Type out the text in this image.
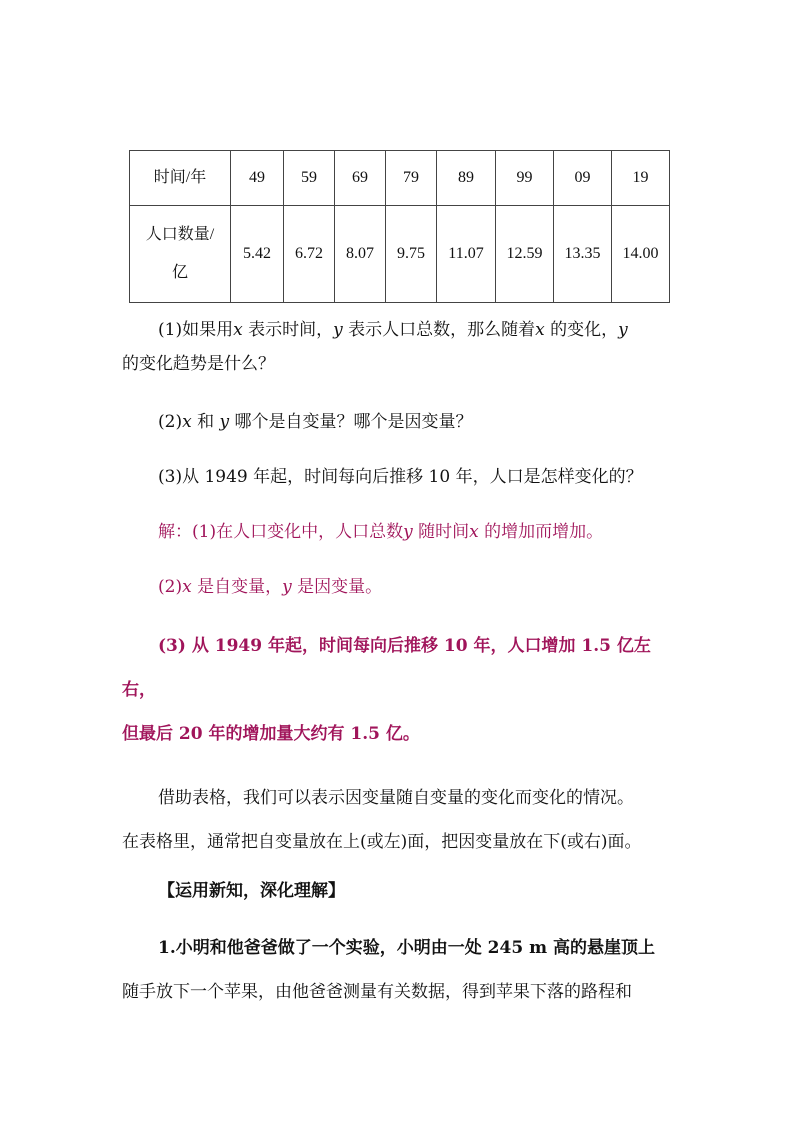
时间/年	49	59	69	79	89	99	09	19
人口数量/
亿	5.42	6.72	8.07	9.75	11.07	12.59	13.35	14.00

(1)如果用x 表示时间，y 表示人口总数，那么随着x 的变化，y
的变化趋势是什么？

(2)x 和 y 哪个是自变量？哪个是因变量？

(3)从 1949 年起，时间每向后推移 10 年，人口是怎样变化的？

解：(1)在人口变化中，人口总数y 随时间x 的增加而增加。

(2)x 是自变量，y 是因变量。

(3) 从 1949 年起，时间每向后推移 10 年，人口增加 1.5 亿左右，
但最后 20 年的增加量大约有 1.5 亿。

借助表格，我们可以表示因变量随自变量的变化而变化的情况。
在表格里，通常把自变量放在上(或左)面，把因变量放在下(或右)面。

【运用新知，深化理解】

1.小明和他爸爸做了一个实验，小明由一处 245 m 高的悬崖顶上
随手放下一个苹果，由他爸爸测量有关数据，得到苹果下落的路程和
